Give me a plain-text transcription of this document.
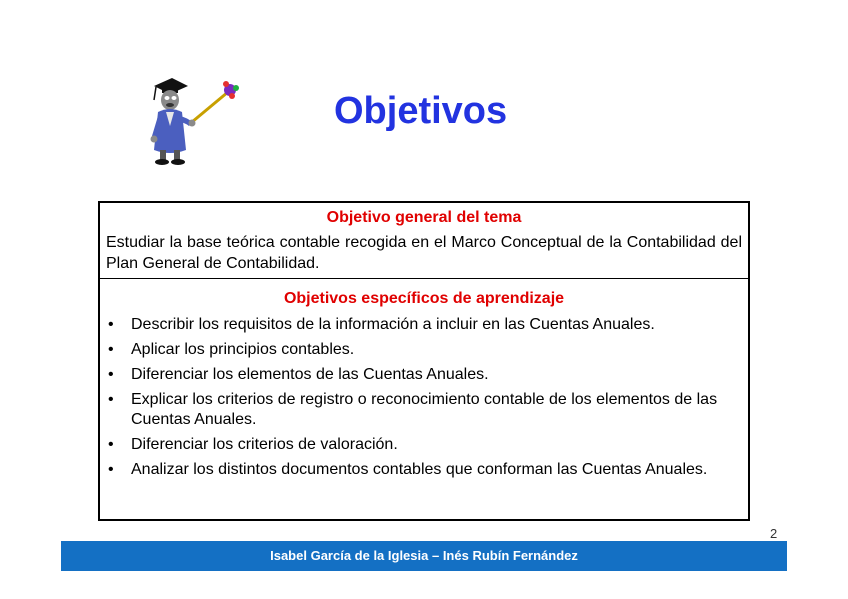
Objetivos

Objetivo general del tema

Estudiar la base teórica contable recogida en el Marco Conceptual de la Contabilidad del Plan General de Contabilidad.

Objetivos específicos de aprendizaje

• Describir los requisitos de la información a incluir en las Cuentas Anuales.
• Aplicar los principios contables.
• Diferenciar los elementos de las Cuentas Anuales.
• Explicar los criterios de registro o reconocimiento contable de los elementos de las Cuentas Anuales.
• Diferenciar los criterios de valoración.
• Analizar los distintos documentos contables que conforman las Cuentas Anuales.
2
Isabel García de la Iglesia – Inés Rubín Fernández
